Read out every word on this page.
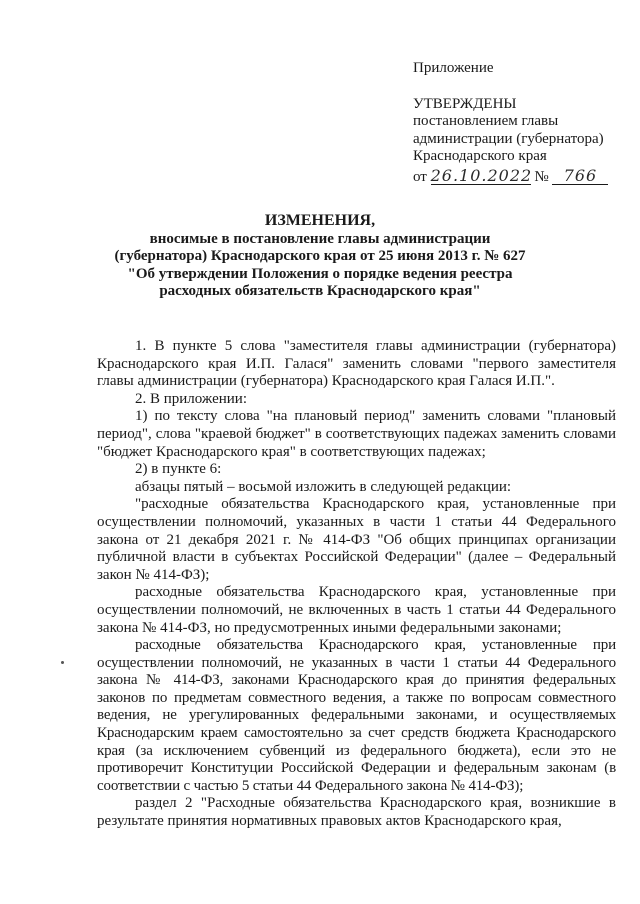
Приложение
УТВЕРЖДЕНЫ
постановлением главы
администрации (губернатора)
Краснодарского края
от 26.10.2022 № 766
ИЗМЕНЕНИЯ,
вносимые в постановление главы администрации
(губернатора) Краснодарского края от 25 июня 2013 г. № 627
"Об утверждении Положения о порядке ведения реестра
расходных обязательств Краснодарского края"

1. В пункте 5 слова "заместителя главы администрации (губернатора) Краснодарского края И.П. Галася" заменить словами "первого заместителя главы администрации (губернатора) Краснодарского края Галася И.П.".

2. В приложении:

1) по тексту слова "на плановый период" заменить словами "плановый период", слова "краевой бюджет" в соответствующих падежах заменить словами "бюджет Краснодарского края" в соответствующих падежах;

2) в пункте 6:

абзацы пятый – восьмой изложить в следующей редакции:

"расходные обязательства Краснодарского края, установленные при осуществлении полномочий, указанных в части 1 статьи 44 Федерального закона от 21 декабря 2021 г. № 414-ФЗ "Об общих принципах организации публичной власти в субъектах Российской Федерации" (далее – Федеральный закон № 414-ФЗ);

расходные обязательства Краснодарского края, установленные при осуществлении полномочий, не включенных в часть 1 статьи 44 Федерального закона № 414-ФЗ, но предусмотренных иными федеральными законами;

расходные обязательства Краснодарского края, установленные при осуществлении полномочий, не указанных в части 1 статьи 44 Федерального закона № 414-ФЗ, законами Краснодарского края до принятия федеральных законов по предметам совместного ведения, а также по вопросам совместного ведения, не урегулированных федеральными законами, и осуществляемых Краснодарским краем самостоятельно за счет средств бюджета Краснодарского края (за исключением субвенций из федерального бюджета), если это не противоречит Конституции Российской Федерации и федеральным законам (в соответствии с частью 5 статьи 44 Федерального закона № 414-ФЗ);

раздел 2 "Расходные обязательства Краснодарского края, возникшие в результате принятия нормативных правовых актов Краснодарского края,
